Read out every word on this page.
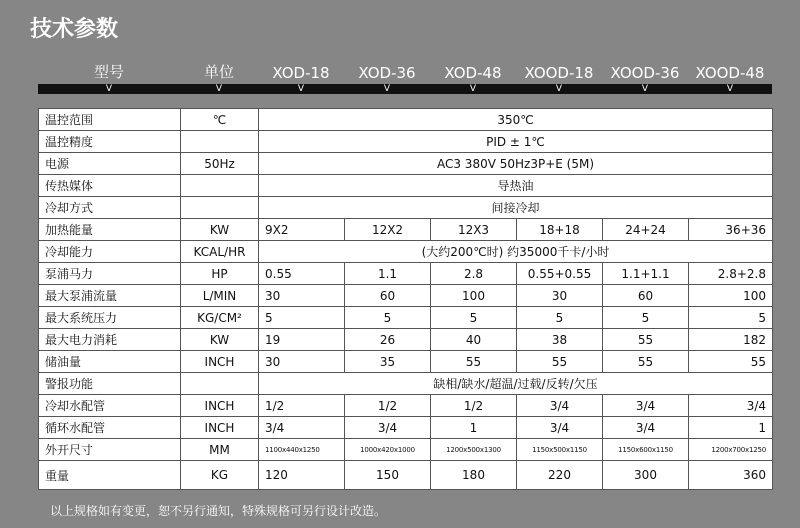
技术参数
型号	单位	XOD-18	XOD-36	XOD-48	XOOD-18	XOOD-36	XOOD-48
V	V	V	V	V	V	V	V
温控范围	℃	350℃					
温控精度		PID ± 1℃					
电源	50Hz	AC3 380V 50Hz3P+E (5M)					
传热媒体		导热油					
冷却方式		间接冷却					
加热能量	KW	9X2	12X2	12X3	18+18	24+24	36+36
冷却能力	KCAL/HR	(大约200℃时) 约35000千卡/小时					
泵浦马力	HP	0.55	1.1	2.8	0.55+0.55	1.1+1.1	2.8+2.8
最大泵浦流量	L/MIN	30	60	100	30	60	100
最大系统压力	KG/CM²	5	5	5	5	5	5
最大电力消耗	KW	19	26	40	38	55	182
储油量	INCH	30	35	55	55	55	55
警报功能		缺相/缺水/超温/过载/反转/欠压					
冷却水配管	INCH	1/2	1/2	1/2	3/4	3/4	3/4
循环水配管	INCH	3/4	3/4	1	3/4	3/4	1
外开尺寸	MM	1100x440x1250	1000x420x1000	1200x500x1300	1150x500x1150	1150x600x1150	1200x700x1250
重量	KG	120	150	180	220	300	360
以上规格如有变更，恕不另行通知，特殊规格可另行设计改造。
